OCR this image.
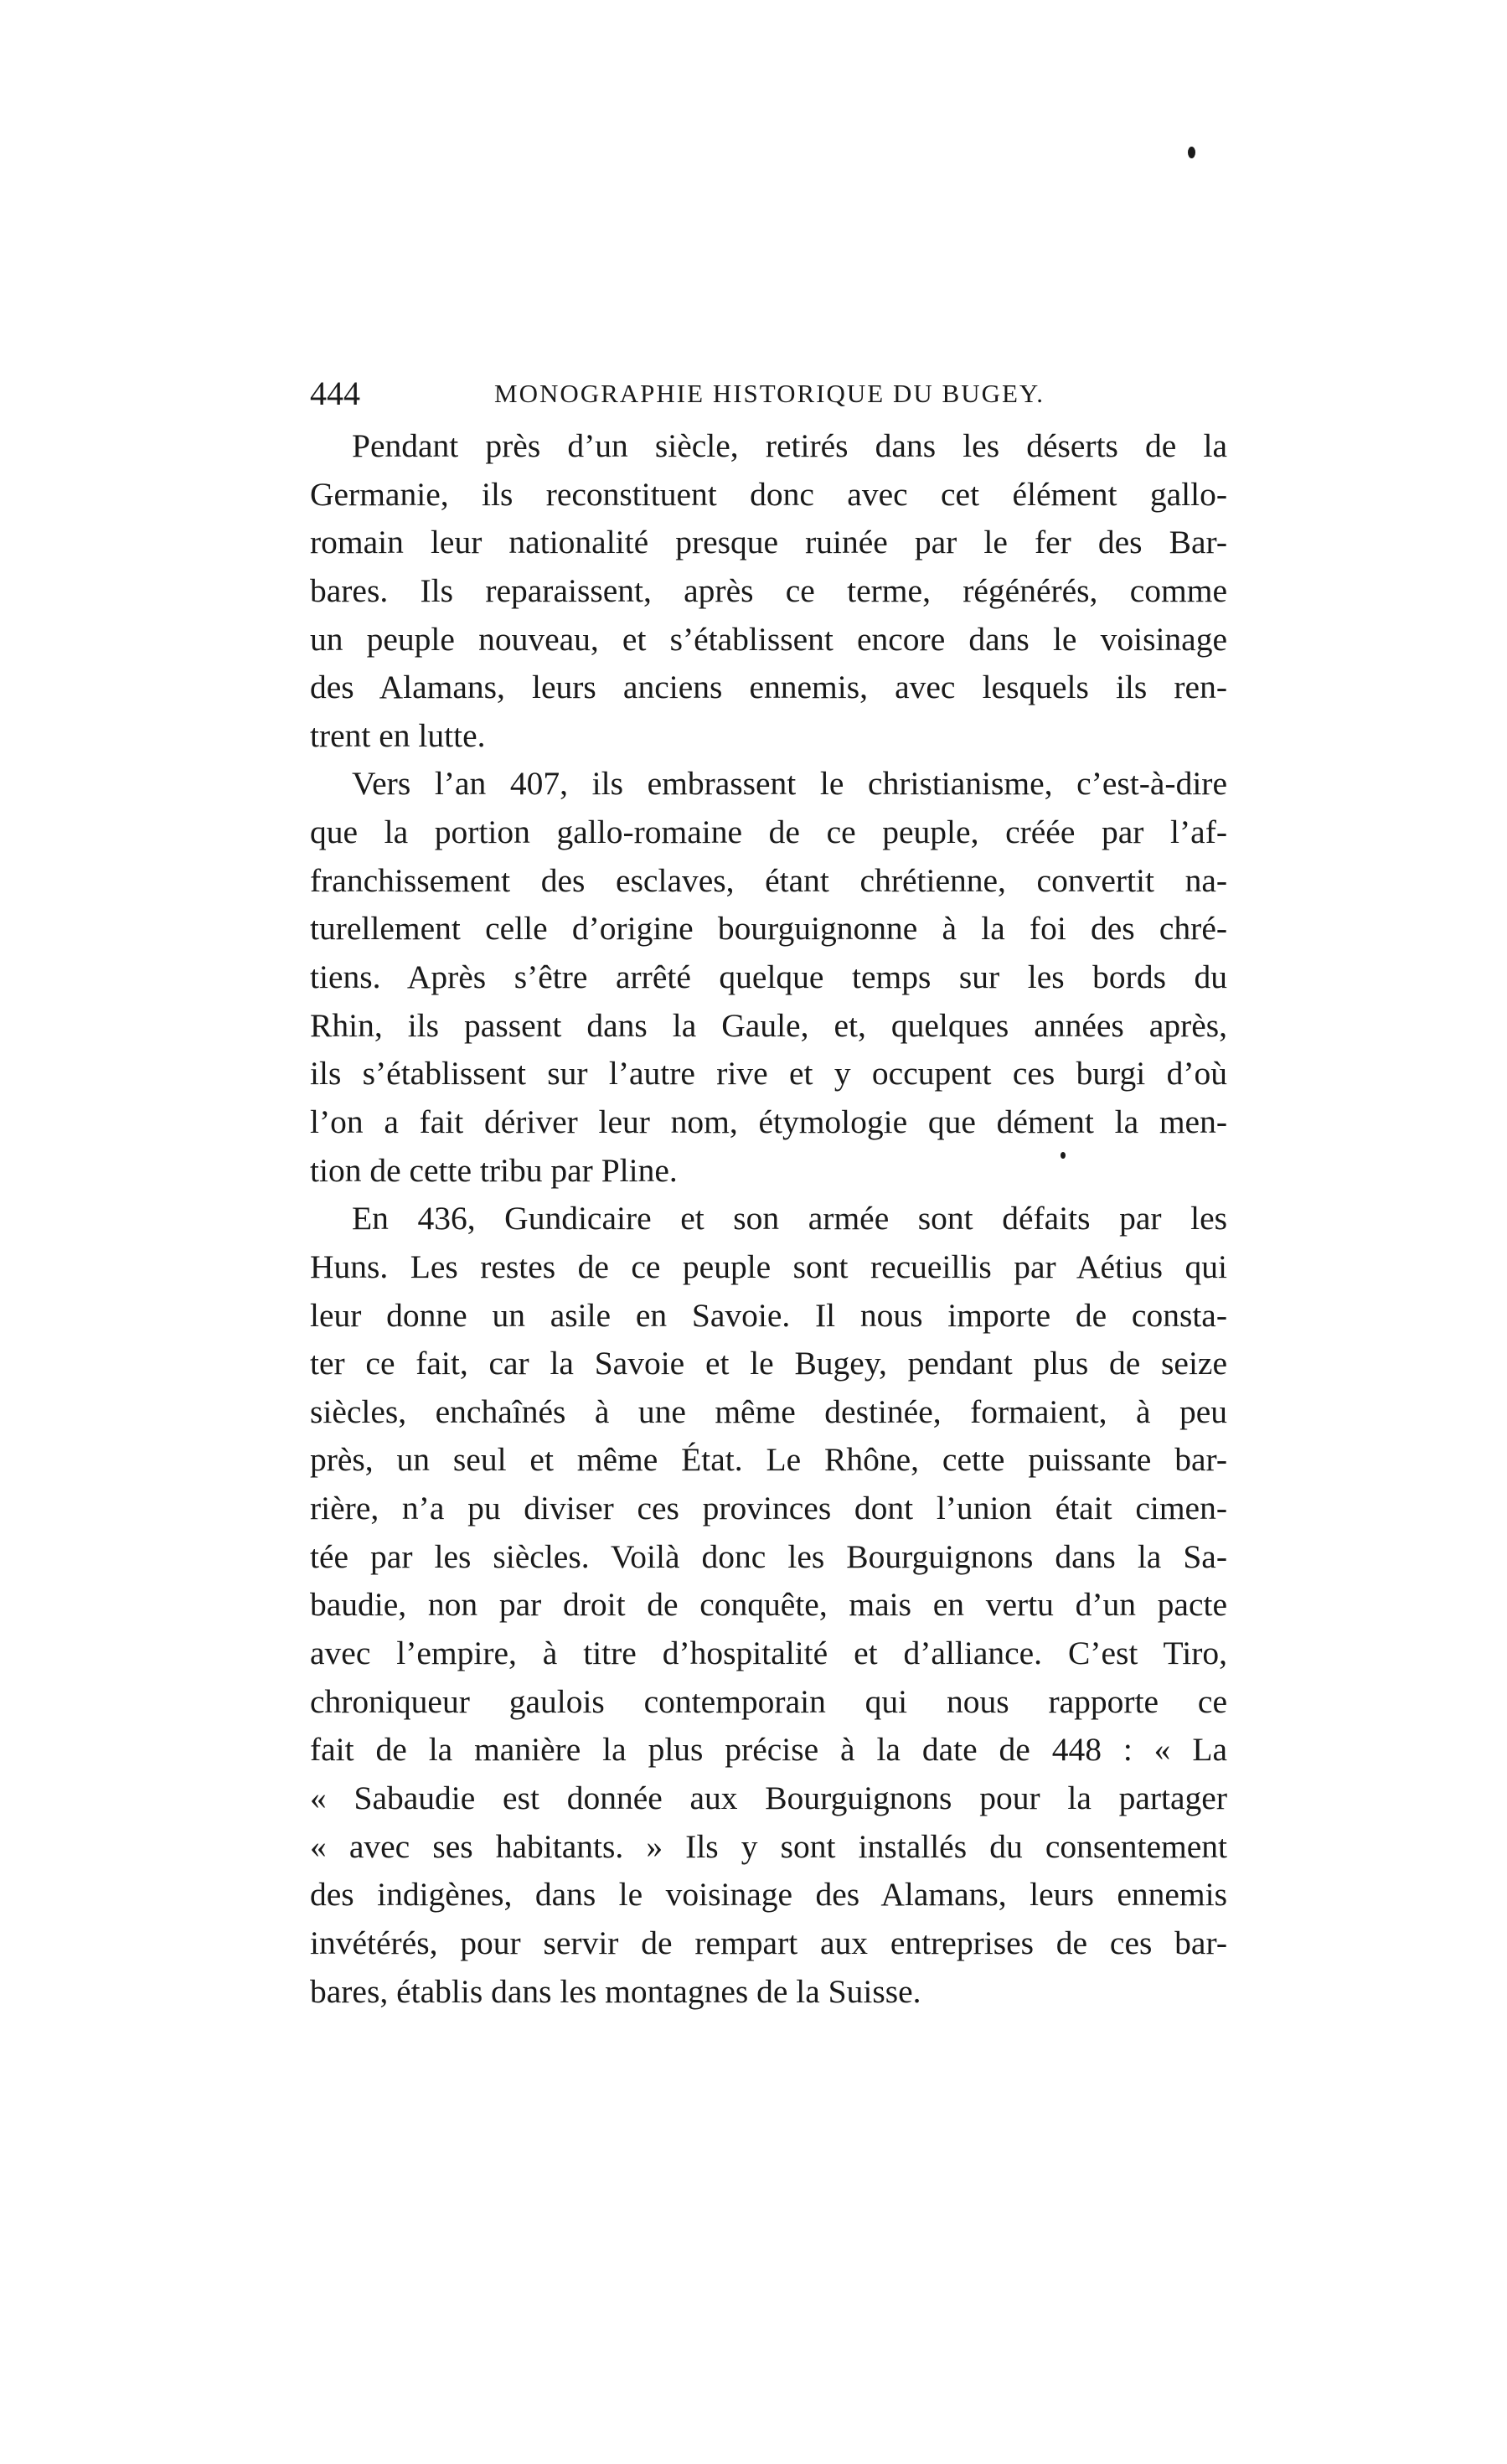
444	MONOGRAPHIE HISTORIQUE DU BUGEY.
Pendant près d’un siècle, retirés dans les déserts de la
Germanie, ils reconstituent donc avec cet élément gallo-
romain leur nationalité presque ruinée par le fer des Bar-
bares. Ils reparaissent, après ce terme, régénérés, comme
un peuple nouveau, et s’établissent encore dans le voisinage
des Alamans, leurs anciens ennemis, avec lesquels ils ren-
trent en lutte.
Vers l’an 407, ils embrassent le christianisme, c’est-à-dire
que la portion gallo-romaine de ce peuple, créée par l’af-
franchissement des esclaves, étant chrétienne, convertit na-
turellement celle d’origine bourguignonne à la foi des chré-
tiens. Après s’être arrêté quelque temps sur les bords du
Rhin, ils passent dans la Gaule, et, quelques années après,
ils s’établissent sur l’autre rive et y occupent ces burgi d’où
l’on a fait dériver leur nom, étymologie que dément la men-
tion de cette tribu par Pline.
En 436, Gundicaire et son armée sont défaits par les
Huns. Les restes de ce peuple sont recueillis par Aétius qui
leur donne un asile en Savoie. Il nous importe de consta-
ter ce fait, car la Savoie et le Bugey, pendant plus de seize
siècles, enchaînés à une même destinée, formaient, à peu
près, un seul et même État. Le Rhône, cette puissante bar-
rière, n’a pu diviser ces provinces dont l’union était cimen-
tée par les siècles. Voilà donc les Bourguignons dans la Sa-
baudie, non par droit de conquête, mais en vertu d’un pacte
avec l’empire, à titre d’hospitalité et d’alliance. C’est Tiro,
chroniqueur gaulois contemporain qui nous rapporte ce
fait de la manière la plus précise à la date de 448 : « La
« Sabaudie est donnée aux Bourguignons pour la partager
« avec ses habitants. » Ils y sont installés du consentement
des indigènes, dans le voisinage des Alamans, leurs ennemis
invétérés, pour servir de rempart aux entreprises de ces bar-
bares, établis dans les montagnes de la Suisse.
